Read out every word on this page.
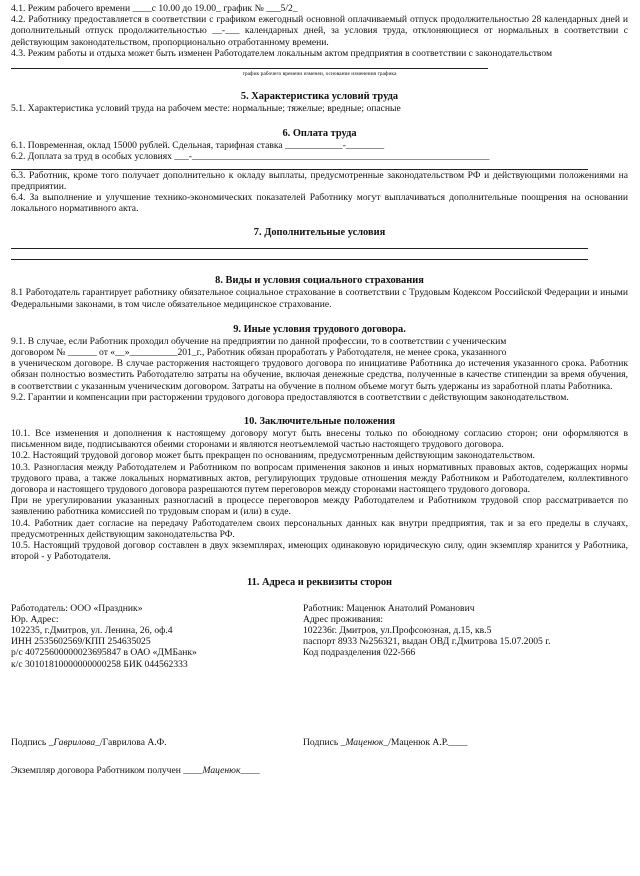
4.1. Режим рабочего времени ____с 10.00 до 19.00_ график № ___5/2_

4.2. Работнику предоставляется в соответствии с графиком ежегодный основной оплачиваемый отпуск продолжительностью 28 календарных дней и дополнительный отпуск продолжительностью __-___ календарных дней, за условия труда, отклоняющиеся от нормальных в соответствии с действующим законодательством, пропорционально отработанному времени.

4.3. Режим работы и отдыха может быть изменен Работодателем локальным актом предприятия в соответствии с законодательством

график рабочего времени изменен, основание изменения графика

5. Характеристика условий труда

5.1. Характеристика условий труда на рабочем месте: нормальные; тяжелые; вредные; опасные

6. Оплата труда

6.1. Повременная, оклад 15000 рублей. Сдельная, тарифная ставка ____________-________

6.2. Доплата за труд в особых условиях ___-______________________________________________________________

6.3. Работник, кроме того получает дополнительно к окладу выплаты, предусмотренные законодательством РФ и действующими положениями на предприятии.

6.4. За выполнение и улучшение технико-экономических показателей Работнику могут выплачиваться дополнительные поощрения на основании локального нормативного акта.

7. Дополнительные условия

8. Виды и условия социального страхования

8.1 Работодатель гарантирует работнику обязательное социальное страхование в соответствии с Трудовым Кодексом Российской Федерации и иными Федеральными законами, в том числе обязательное медицинское страхование.

9. Иные условия трудового договора.

9.1. В случае, если Работник проходил обучение на предприятии по данной профессии, то в соответствии с ученическим

договором № ______ от «__»__________201_г., Работник обязан проработать у Работодателя, не менее срока, указанного

в ученическом договоре. В случае расторжения настоящего трудового договора по инициативе Работника до истечения указанного срока. Работник обязан полностью возместить Работодателю затраты на обучение, включая денежные средства, полученные в качестве стипендии за время обучения, в соответствии с указанным ученическим договором. Затраты на обучение в полном объеме могут быть удержаны из заработной платы Работника.

9.2. Гарантии и компенсации при расторжении трудового договора предоставляются в соответствии с действующим законодательством.

10. Заключительные положения

10.1. Все изменения и дополнения к настоящему договору могут быть внесены только по обоюдному согласию сторон; они оформляются в письменном виде, подписываются обеими сторонами и являются неотъемлемой частью настоящего трудового договора.

10.2. Настоящий трудовой договор может быть прекращен по основаниям, предусмотренным действующим законодательством.

10.3. Разногласия между Работодателем и Работником по вопросам применения законов и иных нормативных правовых актов, содержащих нормы трудового права, а также локальных нормативных актов, регулирующих трудовые отношения между Работником и Работодателем, коллективного договора и настоящего трудового договора разрешаются путем переговоров между сторонами настоящего трудового договора.

При не урегулировании указанных разногласий в процессе переговоров между Работодателем и Работником трудовой спор рассматривается по заявлению работника комиссией по трудовым спорам и (или) в суде.

10.4. Работник дает согласие на передачу Работодателем своих персональных данных как внутри предприятия, так и за его пределы в случаях, предусмотренных действующим законодательства РФ.

10.5. Настоящий трудовой договор составлен в двух экземплярах, имеющих одинаковую юридическую силу, один экземпляр хранится у Работника, второй - у Работодателя.

11. Адреса и реквизиты сторон

Работодатель: ООО «Праздник»

Юр. Адрес:

102235, г.Дмитров, ул. Ленина, 26, оф.4

ИНН 2535602569/КПП 254635025

р/с 40725600000023695847 в ОАО «ДМБанк»

к/с 30101810000000000258 БИК 044562333

Работник: Маценюк Анатолий Романович

Адрес проживания:

102236г. Дмитров, ул.Профсоюзная, д.15, кв.5

паспорт 8933 №256321, выдан ОВД г.Дмитрова 15.07.2005 г.

Код подразделения 022-566

Подпись _Гаврилова_/Гаврилова А.Ф.	Подпись _Маценюк_/Маценюк А.Р.____

Экземпляр договора Работником получен ____Маценюк____
